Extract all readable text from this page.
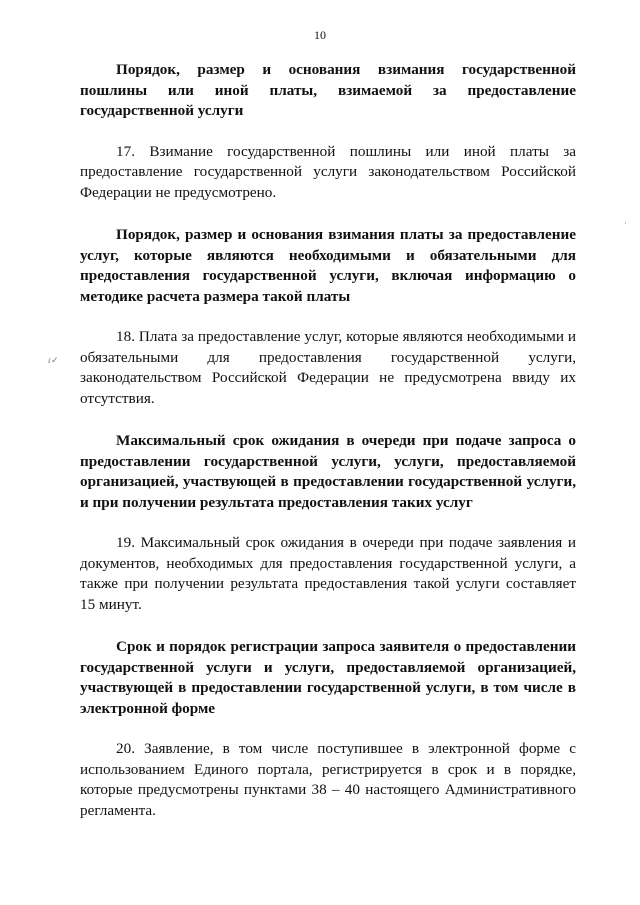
10

Порядок, размер и основания взимания государственной пошлины или иной платы, взимаемой за предоставление государственной услуги

17. Взимание государственной пошлины или иной платы за предоставление государственной услуги законодательством Российской Федерации не предусмотрено.

Порядок, размер и основания взимания платы за предоставление услуг, которые являются необходимыми и обязательными для предоставления государственной услуги, включая информацию о методике расчета размера такой платы

18. Плата за предоставление услуг, которые являются необходимыми и обязательными для предоставления государственной услуги, законодательством Российской Федерации не предусмотрена ввиду их отсутствия.

Максимальный срок ожидания в очереди при подаче запроса о предоставлении государственной услуги, услуги, предоставляемой организацией, участвующей в предоставлении государственной услуги, и при получении результата предоставления таких услуг

19. Максимальный срок ожидания в очереди при подаче заявления и документов, необходимых для предоставления государственной услуги, а также при получении результата предоставления такой услуги составляет 15 минут.

Срок и порядок регистрации запроса заявителя о предоставлении государственной услуги и услуги, предоставляемой организацией, участвующей в предоставлении государственной услуги, в том числе в электронной форме

20. Заявление, в том числе поступившее в электронной форме с использованием Единого портала, регистрируется в срок и в порядке, которые предусмотрены пунктами 38 – 40 настоящего Административного регламента.

ɾ✓
·
